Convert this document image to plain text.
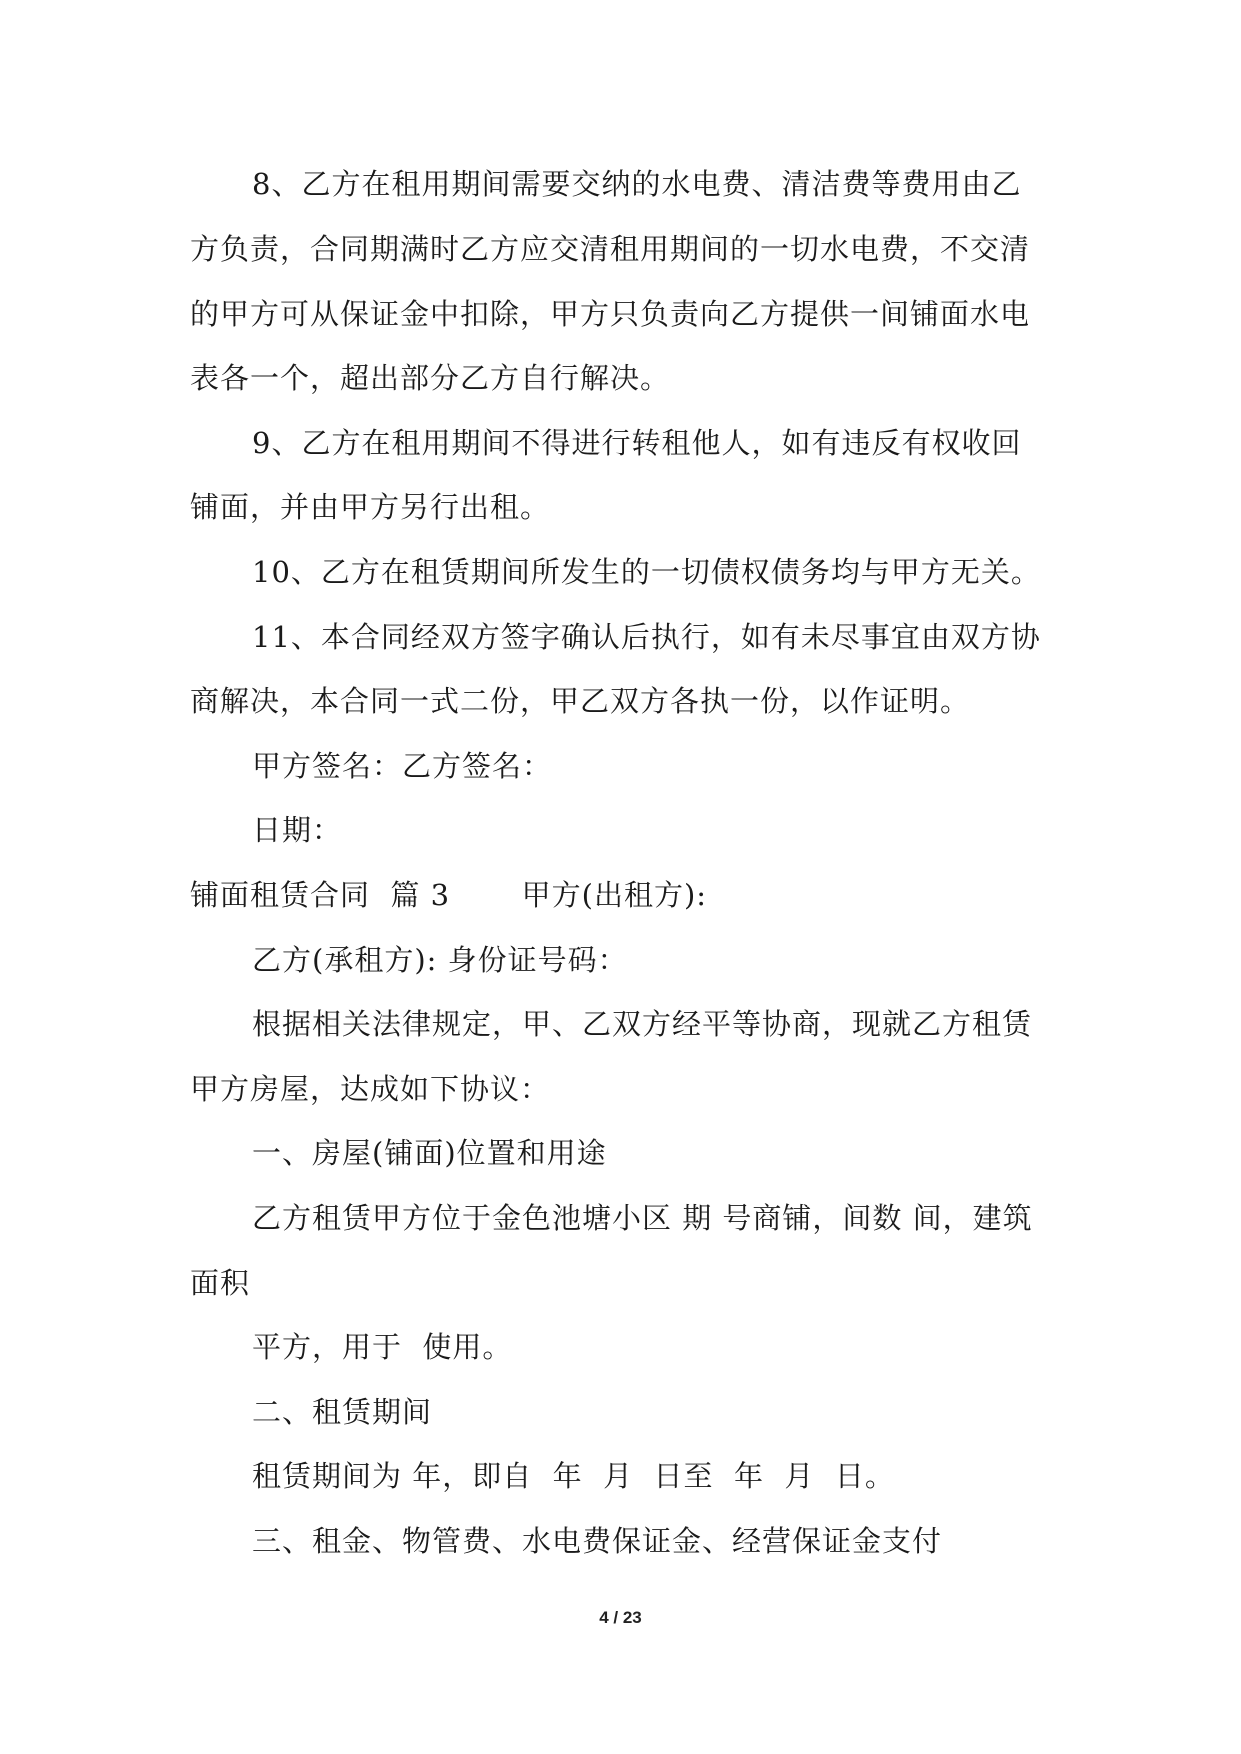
8、乙方在租用期间需要交纳的水电费、清洁费等费用由乙
方负责，合同期满时乙方应交清租用期间的一切水电费，不交清
的甲方可从保证金中扣除，甲方只负责向乙方提供一间铺面水电
表各一个，超出部分乙方自行解决。
9、乙方在租用期间不得进行转租他人，如有违反有权收回
铺面，并由甲方另行出租。
10、乙方在租赁期间所发生的一切债权债务均与甲方无关。
11、本合同经双方签字确认后执行，如有未尽事宜由双方协
商解决，本合同一式二份，甲乙双方各执一份，以作证明。
甲方签名：乙方签名：
日期：
铺面租赁合同  篇 3       甲方(出租方):
乙方(承租方): 身份证号码：
根据相关法律规定，甲、乙双方经平等协商，现就乙方租赁
甲方房屋，达成如下协议：
一、房屋(铺面)位置和用途
乙方租赁甲方位于金色池塘小区 期 号商铺，间数 间，建筑
面积
平方，用于  使用。
二、租赁期间
租赁期间为 年，即自  年  月  日至  年  月  日。
三、租金、物管费、水电费保证金、经营保证金支付
4 / 23
